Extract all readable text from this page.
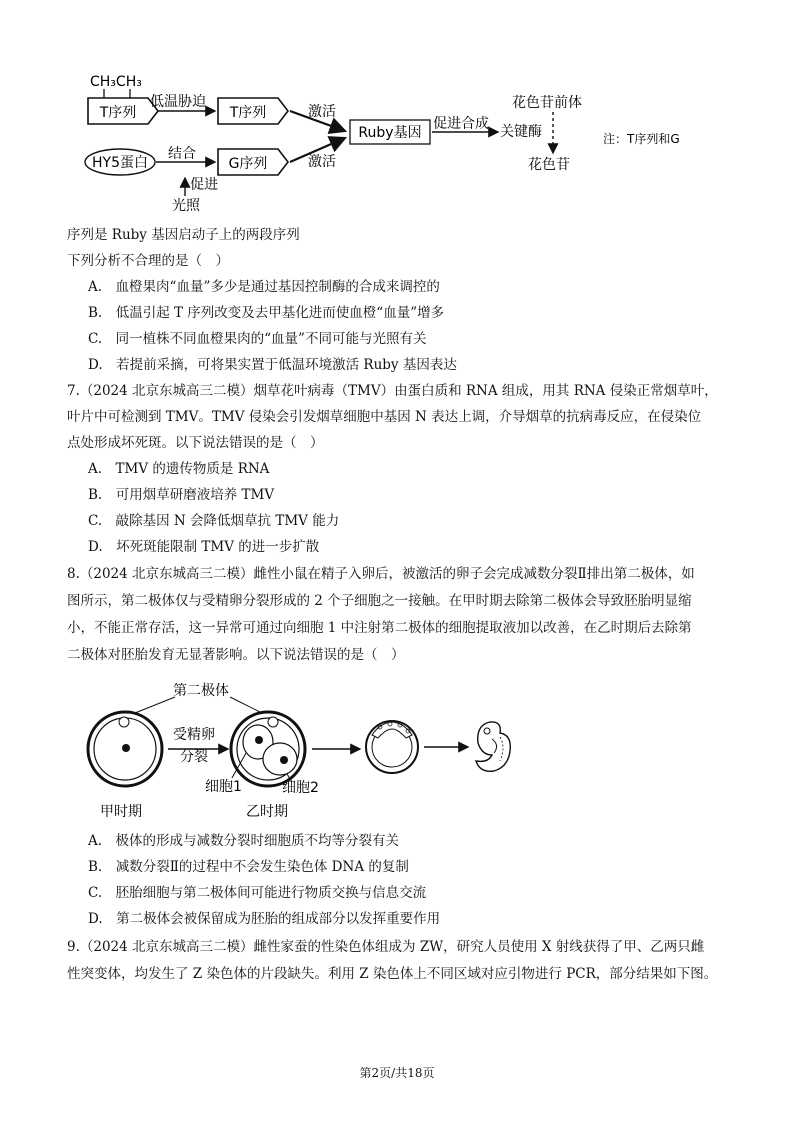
CH₃CH₃
T序列
低温胁迫
T序列	激活
Ruby基因
促进合成 关键酶
花色苷前体
花色苷
注：T序列和G
HY5蛋白
结合
G序列	激活
促进
光照
序列是 Ruby 基因启动子上的两段序列
下列分析不合理的是（　）
A.　血橙果肉“血量”多少是通过基因控制酶的合成来调控的
B.　低温引起 T 序列改变及去甲基化进而使血橙“血量”增多
C.　同一植株不同血橙果肉的“血量”不同可能与光照有关
D.　若提前采摘，可将果实置于低温环境激活 Ruby 基因表达
7.（2024 北京东城高三二模）烟草花叶病毒（TMV）由蛋白质和 RNA 组成，用其 RNA 侵染正常烟草叶，
叶片中可检测到 TMV。TMV 侵染会引发烟草细胞中基因 N 表达上调，介导烟草的抗病毒反应，在侵染位
点处形成坏死斑。以下说法错误的是（　）
A.　TMV 的遗传物质是 RNA
B.　可用烟草研磨液培养 TMV
C.　敲除基因 N 会降低烟草抗 TMV 能力
D.　坏死斑能限制 TMV 的进一步扩散
8.（2024 北京东城高三二模）雌性小鼠在精子入卵后，被激活的卵子会完成减数分裂Ⅱ排出第二极体，如
图所示，第二极体仅与受精卵分裂形成的 2 个子细胞之一接触。在甲时期去除第二极体会导致胚胎明显缩
小，不能正常存活，这一异常可通过向细胞 1 中注射第二极体的细胞提取液加以改善，在乙时期后去除第
二极体对胚胎发育无显著影响。以下说法错误的是（　）
第二极体
受精卵
分裂
细胞1	细胞2
甲时期	乙时期
A.　极体的形成与减数分裂时细胞质不均等分裂有关
B.　减数分裂Ⅱ的过程中不会发生染色体 DNA 的复制
C.　胚胎细胞与第二极体间可能进行物质交换与信息交流
D.　第二极体会被保留成为胚胎的组成部分以发挥重要作用
9.（2024 北京东城高三二模）雌性家蚕的性染色体组成为 ZW，研究人员使用 X 射线获得了甲、乙两只雌
性突变体，均发生了 Z 染色体的片段缺失。利用 Z 染色体上不同区域对应引物进行 PCR，部分结果如下图。
第2页/共18页
